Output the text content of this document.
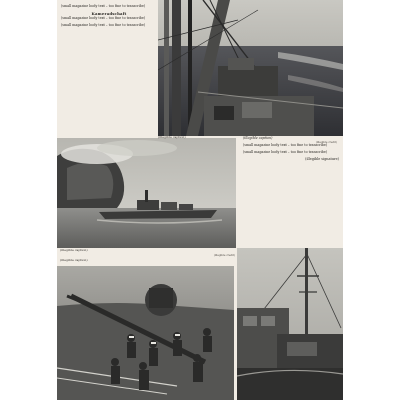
(small magazine body text – too fine to transcribe)

Kameradschaft

(small magazine body text – too fine to transcribe)

(small magazine body text – too fine to transcribe)

(illegible caption)

(small magazine body text – too fine to transcribe)

(small magazine body text – too fine to transcribe)

(illegible signature)
(illegible caption)
(illegible credit)
(illegible caption)
(illegible credit)
(illegible caption)
